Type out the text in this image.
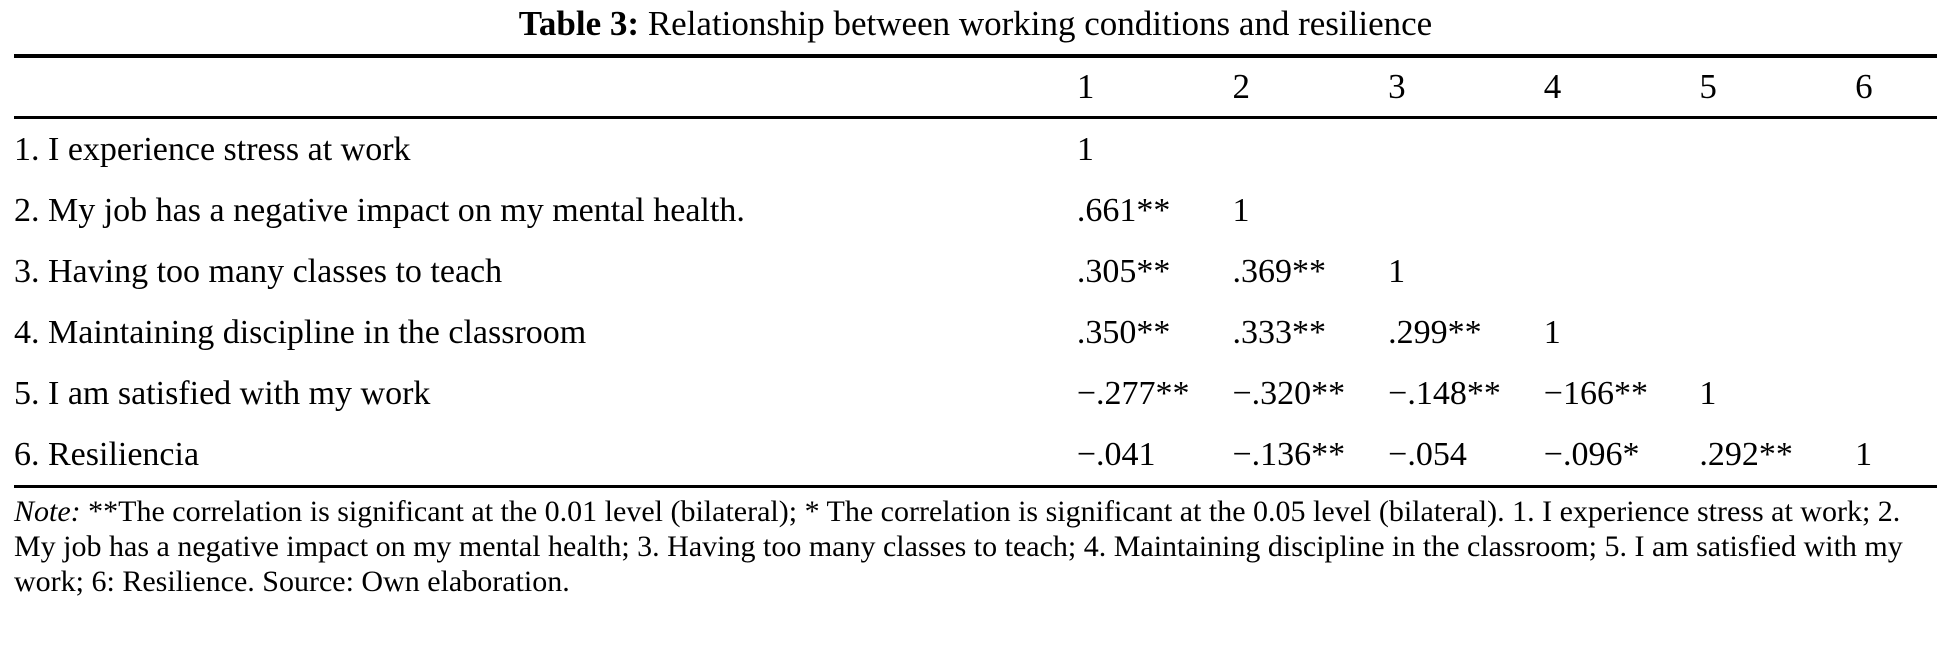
Table 3: Relationship between working conditions and resilience
	1	2	3	4	5	6
1. I experience stress at work	1					
2. My job has a negative impact on my mental health.	.661**	1				
3. Having too many classes to teach	.305**	.369**	1			
4. Maintaining discipline in the classroom	.350**	.333**	.299**	1		
5. I am satisfied with my work	−.277**	−.320**	−.148**	−166**	1	
6. Resiliencia	−.041	−.136**	−.054	−.096*	.292**	1
Note: **The correlation is significant at the 0.01 level (bilateral); * The correlation is significant at the 0.05 level (bilateral). 1. I experience stress at work; 2. My job has a negative impact on my mental health; 3. Having too many classes to teach; 4. Maintaining discipline in the classroom; 5. I am satisfied with my work; 6: Resilience. Source: Own elaboration.
